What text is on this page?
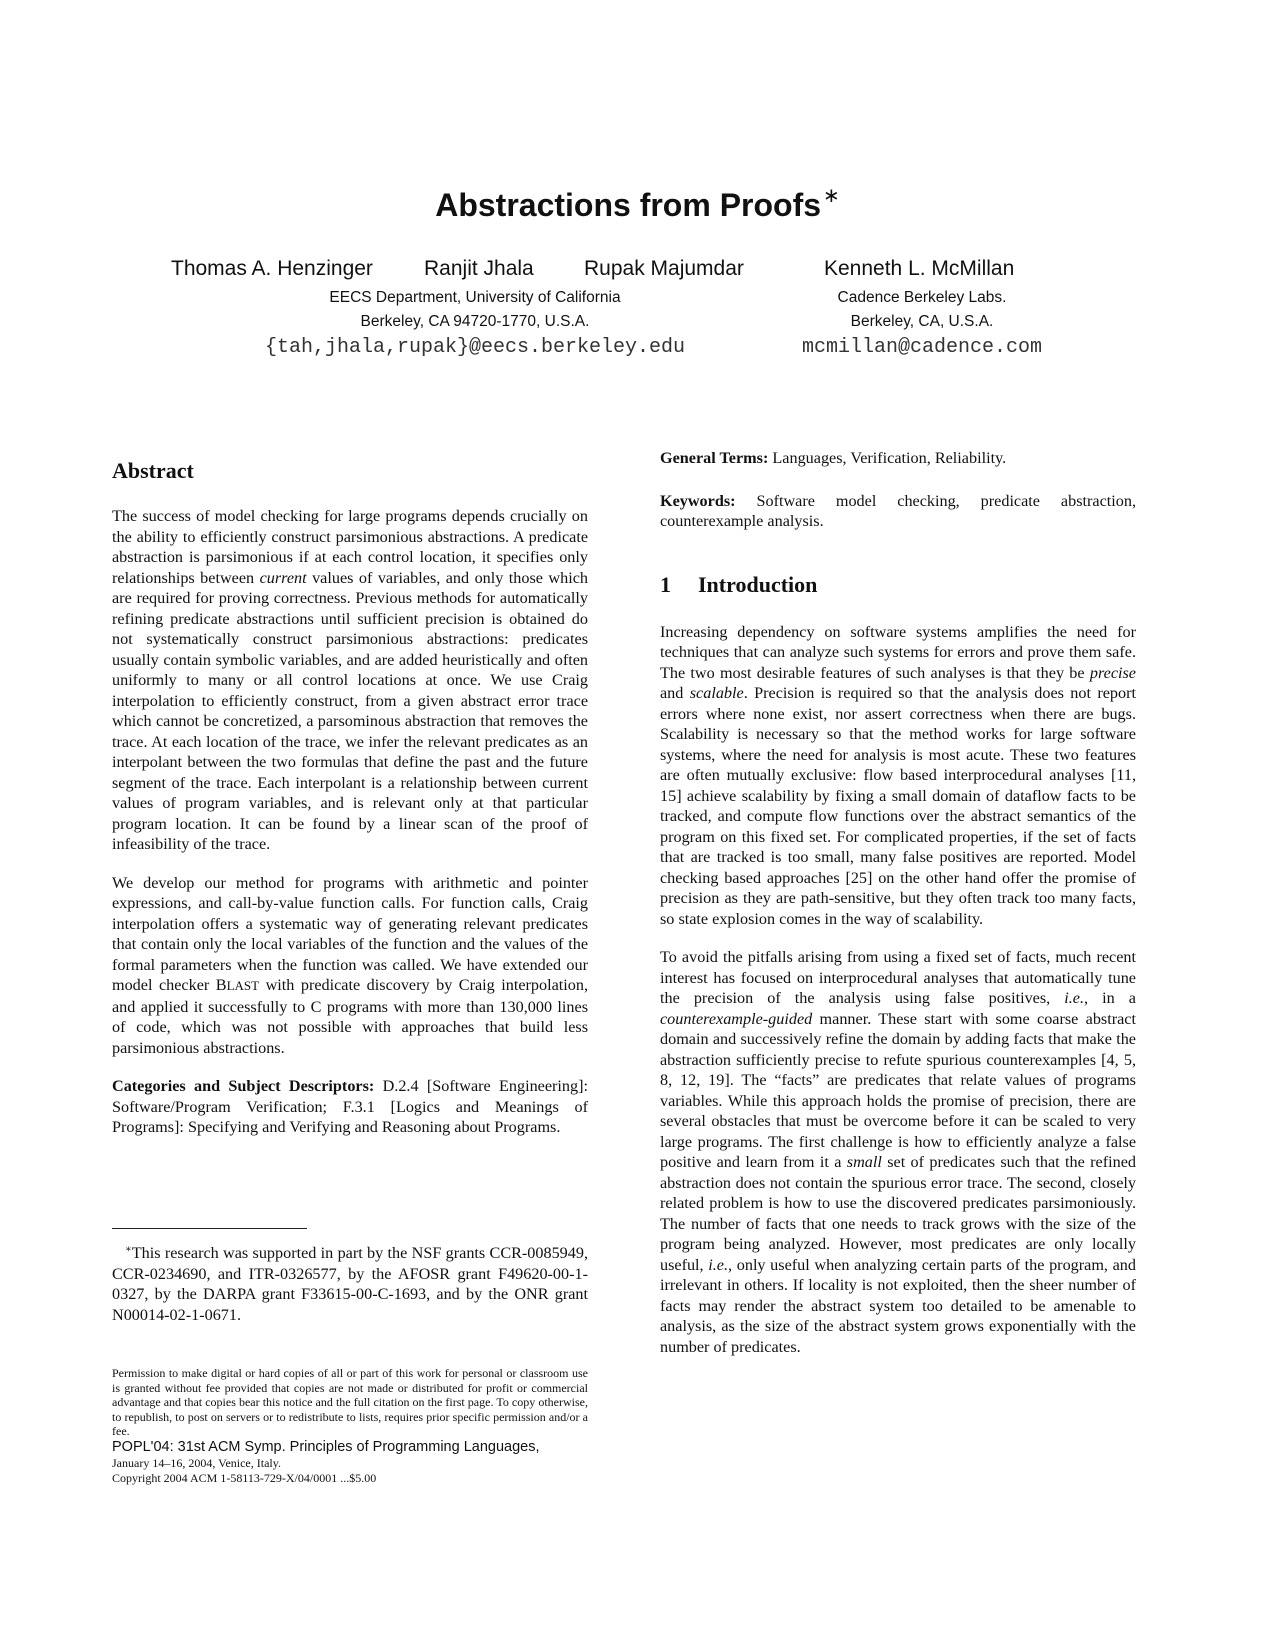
Abstractions from Proofs ∗
Thomas A. Henzinger Ranjit Jhala Rupak Majumdar	Kenneth L. McMillan
EECS Department, University of California
Berkeley, CA 94720-1770, U.S.A.
{tah,jhala,rupak}@eecs.berkeley.edu
Cadence Berkeley Labs.
Berkeley, CA, U.S.A.
mcmillan@cadence.com
Abstract

The success of model checking for large programs depends crucially on the ability to efficiently construct parsimonious abstractions. A predicate abstraction is parsimonious if at each control location, it specifies only relationships between current values of variables, and only those which are required for proving correctness. Previous methods for automatically refining predicate abstractions until sufficient precision is obtained do not systematically construct parsimonious abstractions: predicates usually contain symbolic variables, and are added heuristically and often uniformly to many or all control locations at once. We use Craig interpolation to efficiently construct, from a given abstract error trace which cannot be concretized, a parsominous abstraction that removes the trace. At each location of the trace, we infer the relevant predicates as an interpolant between the two formulas that define the past and the future segment of the trace. Each interpolant is a relationship between current values of program variables, and is relevant only at that particular program location. It can be found by a linear scan of the proof of infeasibility of the trace.

We develop our method for programs with arithmetic and pointer expressions, and call-by-value function calls. For function calls, Craig interpolation offers a systematic way of generating relevant predicates that contain only the local variables of the function and the values of the formal parameters when the function was called. We have extended our model checker BLAST with predicate discovery by Craig interpolation, and applied it successfully to C programs with more than 130,000 lines of code, which was not possible with approaches that build less parsimonious abstractions.

Categories and Subject Descriptors: D.2.4 [Software Engineering]: Software/Program Verification; F.3.1 [Logics and Meanings of Programs]: Specifying and Verifying and Reasoning about Programs.

∗This research was supported in part by the NSF grants CCR-0085949, CCR-0234690, and ITR-0326577, by the AFOSR grant F49620-00-1-0327, by the DARPA grant F33615-00-C-1693, and by the ONR grant N00014-02-1-0671.
Permission to make digital or hard copies of all or part of this work for personal or classroom use is granted without fee provided that copies are not made or distributed for profit or commercial advantage and that copies bear this notice and the full citation on the first page. To copy otherwise, to republish, to post on servers or to redistribute to lists, requires prior specific permission and/or a fee.
POPL'04: 31st ACM Symp. Principles of Programming Languages,
January 14–16, 2004, Venice, Italy.
Copyright 2004 ACM 1-58113-729-X/04/0001 ...$5.00

General Terms: Languages, Verification, Reliability.

Keywords: Software model checking, predicate abstraction, counterexample analysis.

1 Introduction

Increasing dependency on software systems amplifies the need for techniques that can analyze such systems for errors and prove them safe. The two most desirable features of such analyses is that they be precise and scalable. Precision is required so that the analysis does not report errors where none exist, nor assert correctness when there are bugs. Scalability is necessary so that the method works for large software systems, where the need for analysis is most acute. These two features are often mutually exclusive: flow based interprocedural analyses [11, 15] achieve scalability by fixing a small domain of dataflow facts to be tracked, and compute flow functions over the abstract semantics of the program on this fixed set. For complicated properties, if the set of facts that are tracked is too small, many false positives are reported. Model checking based approaches [25] on the other hand offer the promise of precision as they are path-sensitive, but they often track too many facts, so state explosion comes in the way of scalability.

To avoid the pitfalls arising from using a fixed set of facts, much recent interest has focused on interprocedural analyses that automatically tune the precision of the analysis using false positives, i.e., in a counterexample-guided manner. These start with some coarse abstract domain and successively refine the domain by adding facts that make the abstraction sufficiently precise to refute spurious counterexamples [4, 5, 8, 12, 19]. The “facts” are predicates that relate values of programs variables. While this approach holds the promise of precision, there are several obstacles that must be overcome before it can be scaled to very large programs. The first challenge is how to efficiently analyze a false positive and learn from it a small set of predicates such that the refined abstraction does not contain the spurious error trace. The second, closely related problem is how to use the discovered predicates parsimoniously. The number of facts that one needs to track grows with the size of the program being analyzed. However, most predicates are only locally useful, i.e., only useful when analyzing certain parts of the program, and irrelevant in others. If locality is not exploited, then the sheer number of facts may render the abstract system too detailed to be amenable to analysis, as the size of the abstract system grows exponentially with the number of predicates.
